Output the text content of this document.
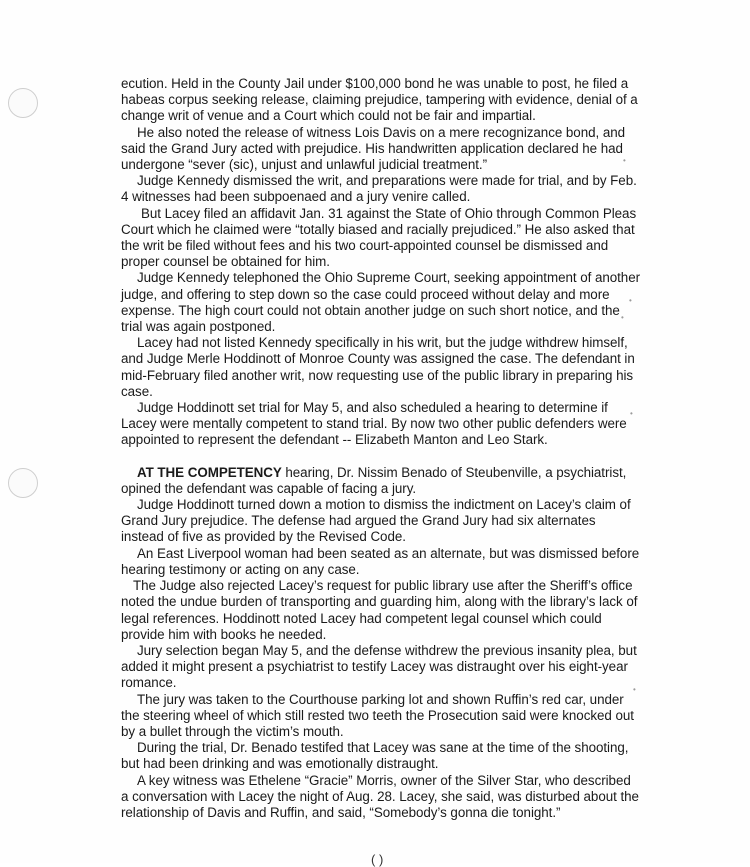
ecution. Held in the County Jail under $100,000 bond he was unable to post, he filed a habeas corpus seeking release, claiming prejudice, tampering with evidence, denial of a change writ of venue and a Court which could not be fair and impartial.

He also noted the release of witness Lois Davis on a mere recognizance bond, and said the Grand Jury acted with prejudice. His handwritten application declared he had undergone “sever (sic), unjust and unlawful judicial treatment.”

Judge Kennedy dismissed the writ, and preparations were made for trial, and by Feb. 4 witnesses had been subpoenaed and a jury venire called.

But Lacey filed an affidavit Jan. 31 against the State of Ohio through Common Pleas Court which he claimed were “totally biased and racially prejudiced.” He also asked that the writ be filed without fees and his two court-appointed counsel be dismissed and proper counsel be obtained for him.

Judge Kennedy telephoned the Ohio Supreme Court, seeking appointment of another judge, and offering to step down so the case could proceed without delay and more expense. The high court could not obtain another judge on such short notice, and the trial was again postponed.

Lacey had not listed Kennedy specifically in his writ, but the judge withdrew himself, and Judge Merle Hoddinott of Monroe County was assigned the case. The defendant in mid-February filed another writ, now requesting use of the public library in preparing his case.

Judge Hoddinott set trial for May 5, and also scheduled a hearing to determine if Lacey were mentally competent to stand trial. By now two other public defenders were appointed to represent the defendant -- Elizabeth Manton and Leo Stark.

AT THE COMPETENCY hearing, Dr. Nissim Benado of Steubenville, a psychiatrist, opined the defendant was capable of facing a jury.

Judge Hoddinott turned down a motion to dismiss the indictment on Lacey’s claim of Grand Jury prejudice. The defense had argued the Grand Jury had six alternates instead of five as provided by the Revised Code.

An East Liverpool woman had been seated as an alternate, but was dismissed before hearing testimony or acting on any case.

The Judge also rejected Lacey’s request for public library use after the Sheriff’s office noted the undue burden of transporting and guarding him, along with the library’s lack of legal references. Hoddinott noted Lacey had competent legal counsel which could provide him with books he needed.

Jury selection began May 5, and the defense withdrew the previous insanity plea, but added it might present a psychiatrist to testify Lacey was distraught over his eight-year romance.

The jury was taken to the Courthouse parking lot and shown Ruffin’s red car, under the steering wheel of which still rested two teeth the Prosecution said were knocked out by a bullet through the victim’s mouth.

During the trial, Dr. Benado testifed that Lacey was sane at the time of the shooting, but had been drinking and was emotionally distraught.

A key witness was Ethelene “Gracie” Morris, owner of the Silver Star, who described a conversation with Lacey the night of Aug. 28. Lacey, she said, was disturbed about the relationship of Davis and Ruffin, and said, “Somebody’s gonna die tonight.”

•
•
•
•
•
( )
